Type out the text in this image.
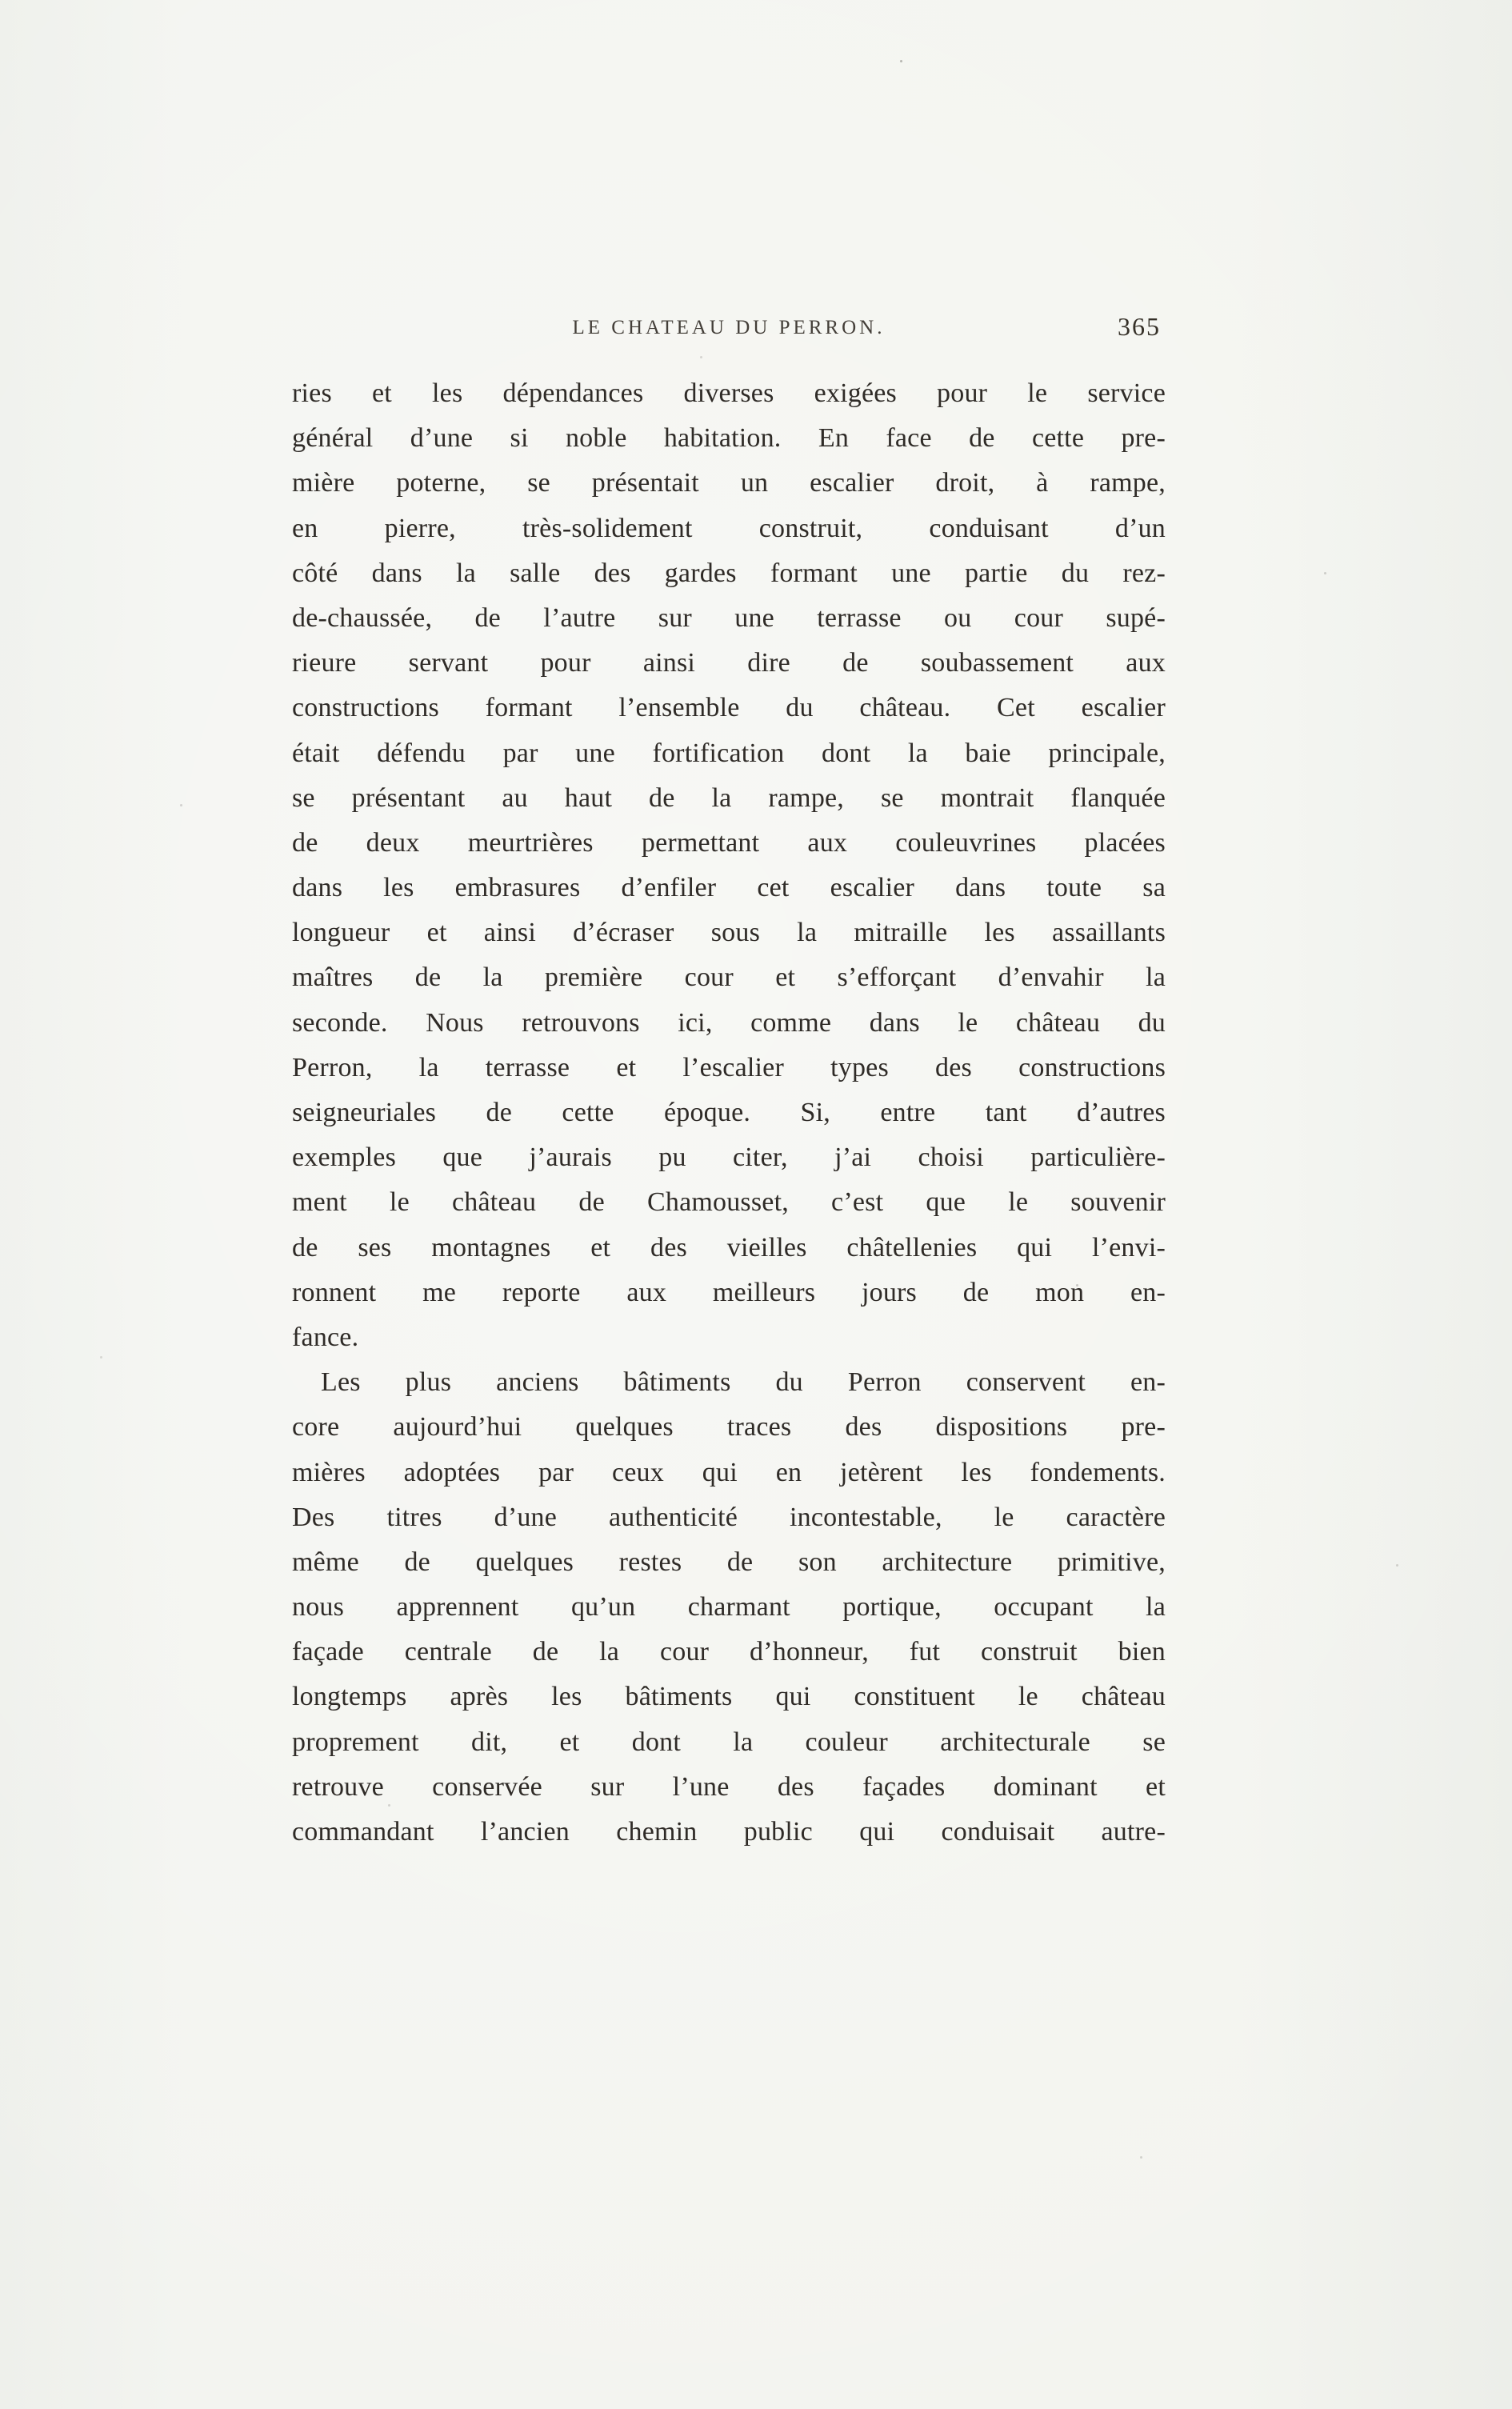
LE CHATEAU DU PERRON.	365
ries et les dépendances diverses exigées pour le service
général d’une si noble habitation. En face de cette pre-
mière poterne, se présentait un escalier droit, à rampe,
en pierre, très-solidement construit, conduisant d’un
côté dans la salle des gardes formant une partie du rez-
de-chaussée, de l’autre sur une terrasse ou cour supé-
rieure servant pour ainsi dire de soubassement aux
constructions formant l’ensemble du château. Cet escalier
était défendu par une fortification dont la baie principale,
se présentant au haut de la rampe, se montrait flanquée
de deux meurtrières permettant aux couleuvrines placées
dans les embrasures d’enfiler cet escalier dans toute sa
longueur et ainsi d’écraser sous la mitraille les assaillants
maîtres de la première cour et s’efforçant d’envahir la
seconde. Nous retrouvons ici, comme dans le château du
Perron, la terrasse et l’escalier types des constructions
seigneuriales de cette époque. Si, entre tant d’autres
exemples que j’aurais pu citer, j’ai choisi particulière-
ment le château de Chamousset, c’est que le souvenir
de ses montagnes et des vieilles châtellenies qui l’envi-
ronnent me reporte aux meilleurs jours de mon en-
fance.
Les plus anciens bâtiments du Perron conservent en-
core aujourd’hui quelques traces des dispositions pre-
mières adoptées par ceux qui en jetèrent les fondements.
Des titres d’une authenticité incontestable, le caractère
même de quelques restes de son architecture primitive,
nous apprennent qu’un charmant portique, occupant la
façade centrale de la cour d’honneur, fut construit bien
longtemps après les bâtiments qui constituent le château
proprement dit, et dont la couleur architecturale se
retrouve conservée sur l’une des façades dominant et
commandant l’ancien chemin public qui conduisait autre-
